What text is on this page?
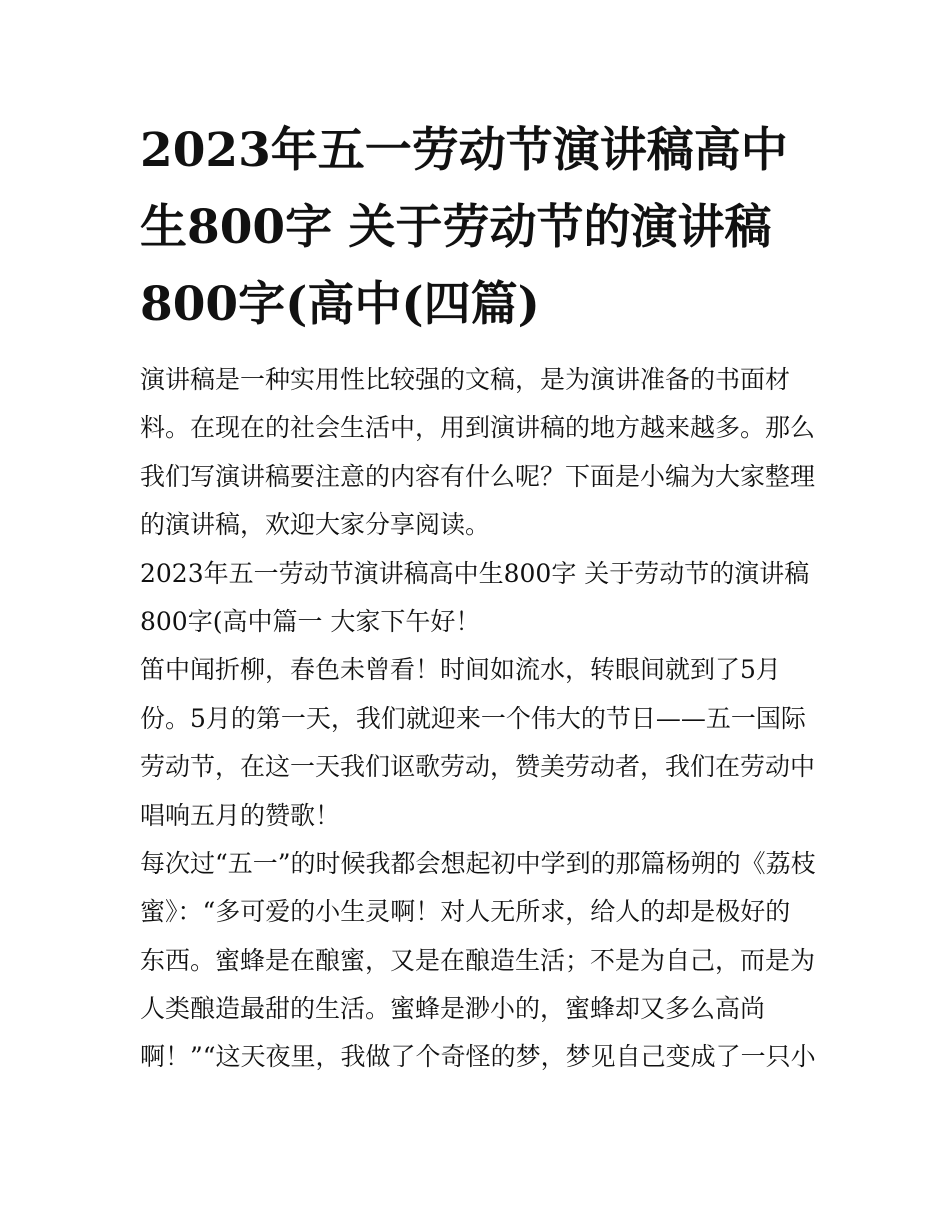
2023年五一劳动节演讲稿高中
生800字 关于劳动节的演讲稿
800字(高中(四篇)
演讲稿是一种实用性比较强的文稿，是为演讲准备的书面材
料。在现在的社会生活中，用到演讲稿的地方越来越多。那么
我们写演讲稿要注意的内容有什么呢？下面是小编为大家整理
的演讲稿，欢迎大家分享阅读。
2023年五一劳动节演讲稿高中生800字 关于劳动节的演讲稿
800字(高中篇一 大家下午好！
笛中闻折柳，春色未曾看！时间如流水，转眼间就到了5月
份。5月的第一天，我们就迎来一个伟大的节日——五一国际
劳动节，在这一天我们讴歌劳动，赞美劳动者，我们在劳动中
唱响五月的赞歌！
每次过“五一”的时候我都会想起初中学到的那篇杨朔的《荔枝
蜜》：“多可爱的小生灵啊！对人无所求，给人的却是极好的
东西。蜜蜂是在酿蜜，又是在酿造生活；不是为自己，而是为
人类酿造最甜的生活。蜜蜂是渺小的，蜜蜂却又多么高尚
啊！”“这天夜里，我做了个奇怪的梦，梦见自己变成了一只小
